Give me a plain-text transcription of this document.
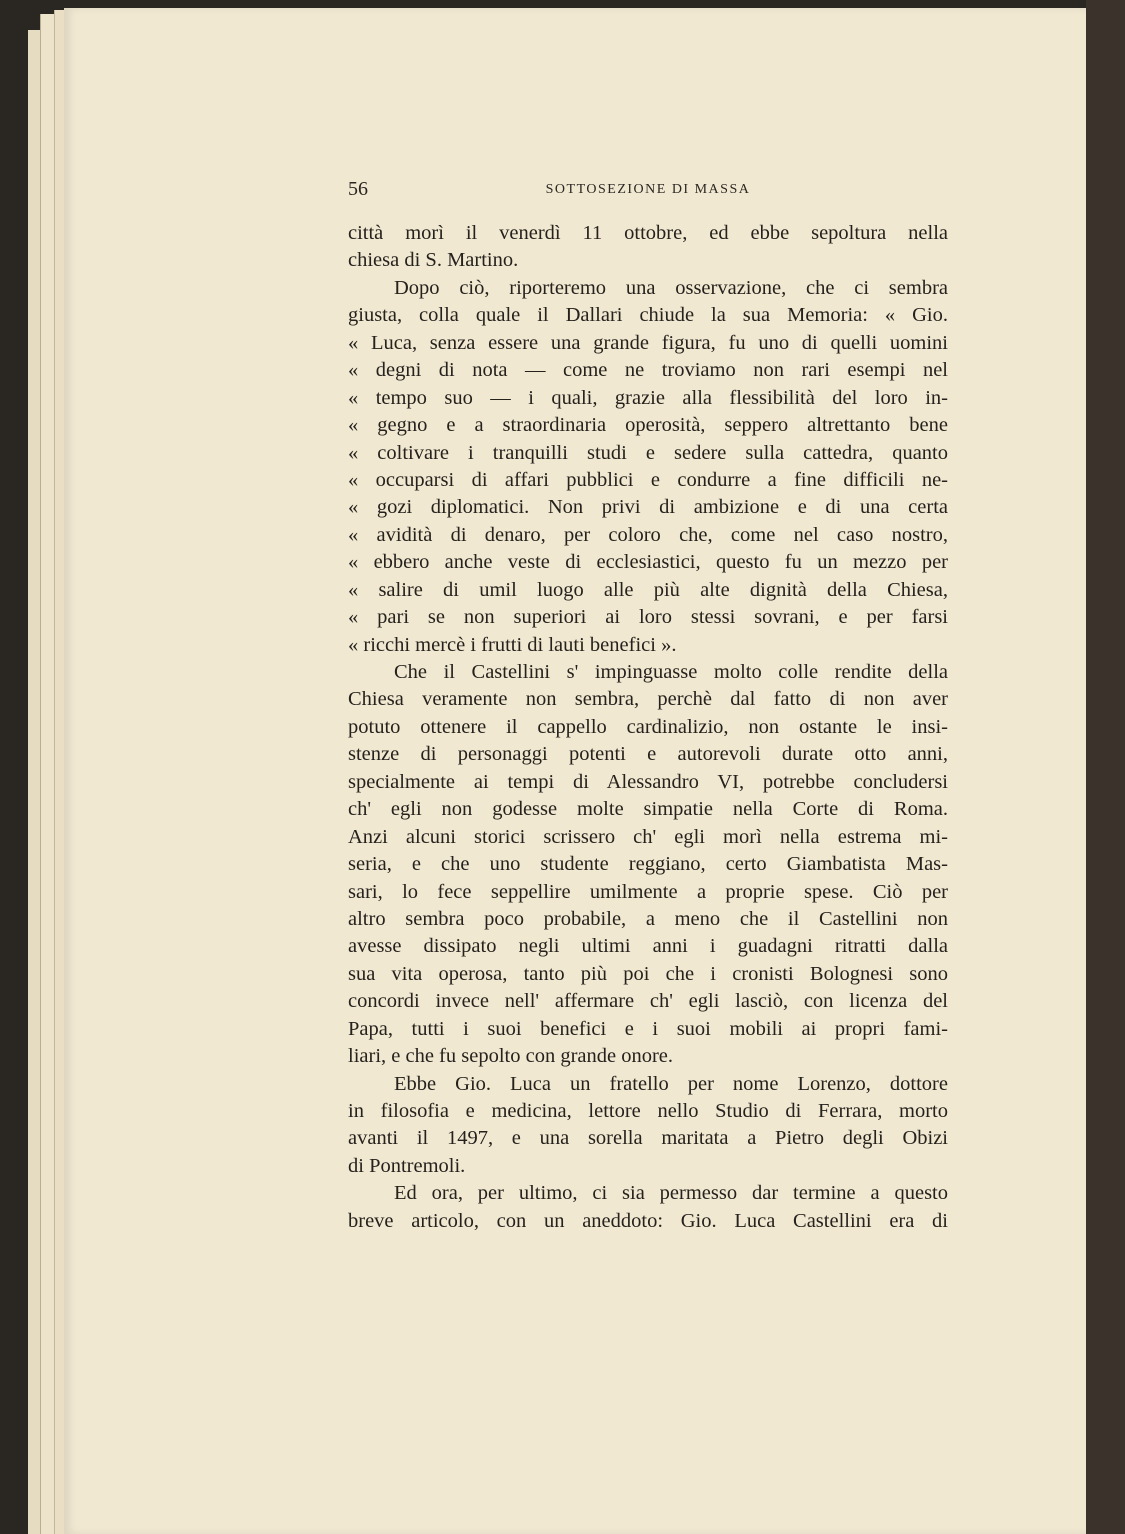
56	SOTTOSEZIONE DI MASSA
città morì il venerdì 11 ottobre, ed ebbe sepoltura nella
chiesa di S. Martino.
Dopo ciò, riporteremo una osservazione, che ci sembra
giusta, colla quale il Dallari chiude la sua Memoria: « Gio.
« Luca, senza essere una grande figura, fu uno di quelli uomini
« degni di nota — come ne troviamo non rari esempi nel
« tempo suo — i quali, grazie alla flessibilità del loro in-
« gegno e a straordinaria operosità, seppero altrettanto bene
« coltivare i tranquilli studi e sedere sulla cattedra, quanto
« occuparsi di affari pubblici e condurre a fine difficili ne-
« gozi diplomatici. Non privi di ambizione e di una certa
« avidità di denaro, per coloro che, come nel caso nostro,
« ebbero anche veste di ecclesiastici, questo fu un mezzo per
« salire di umil luogo alle più alte dignità della Chiesa,
« pari se non superiori ai loro stessi sovrani, e per farsi
« ricchi mercè i frutti di lauti benefici ».
Che il Castellini s' impinguasse molto colle rendite della
Chiesa veramente non sembra, perchè dal fatto di non aver
potuto ottenere il cappello cardinalizio, non ostante le insi-
stenze di personaggi potenti e autorevoli durate otto anni,
specialmente ai tempi di Alessandro VI, potrebbe concludersi
ch' egli non godesse molte simpatie nella Corte di Roma.
Anzi alcuni storici scrissero ch' egli morì nella estrema mi-
seria, e che uno studente reggiano, certo Giambatista Mas-
sari, lo fece seppellire umilmente a proprie spese. Ciò per
altro sembra poco probabile, a meno che il Castellini non
avesse dissipato negli ultimi anni i guadagni ritratti dalla
sua vita operosa, tanto più poi che i cronisti Bolognesi sono
concordi invece nell' affermare ch' egli lasciò, con licenza del
Papa, tutti i suoi benefici e i suoi mobili ai propri fami-
liari, e che fu sepolto con grande onore.
Ebbe Gio. Luca un fratello per nome Lorenzo, dottore
in filosofia e medicina, lettore nello Studio di Ferrara, morto
avanti il 1497, e una sorella maritata a Pietro degli Obizi
di Pontremoli.
Ed ora, per ultimo, ci sia permesso dar termine a questo
breve articolo, con un aneddoto: Gio. Luca Castellini era di
